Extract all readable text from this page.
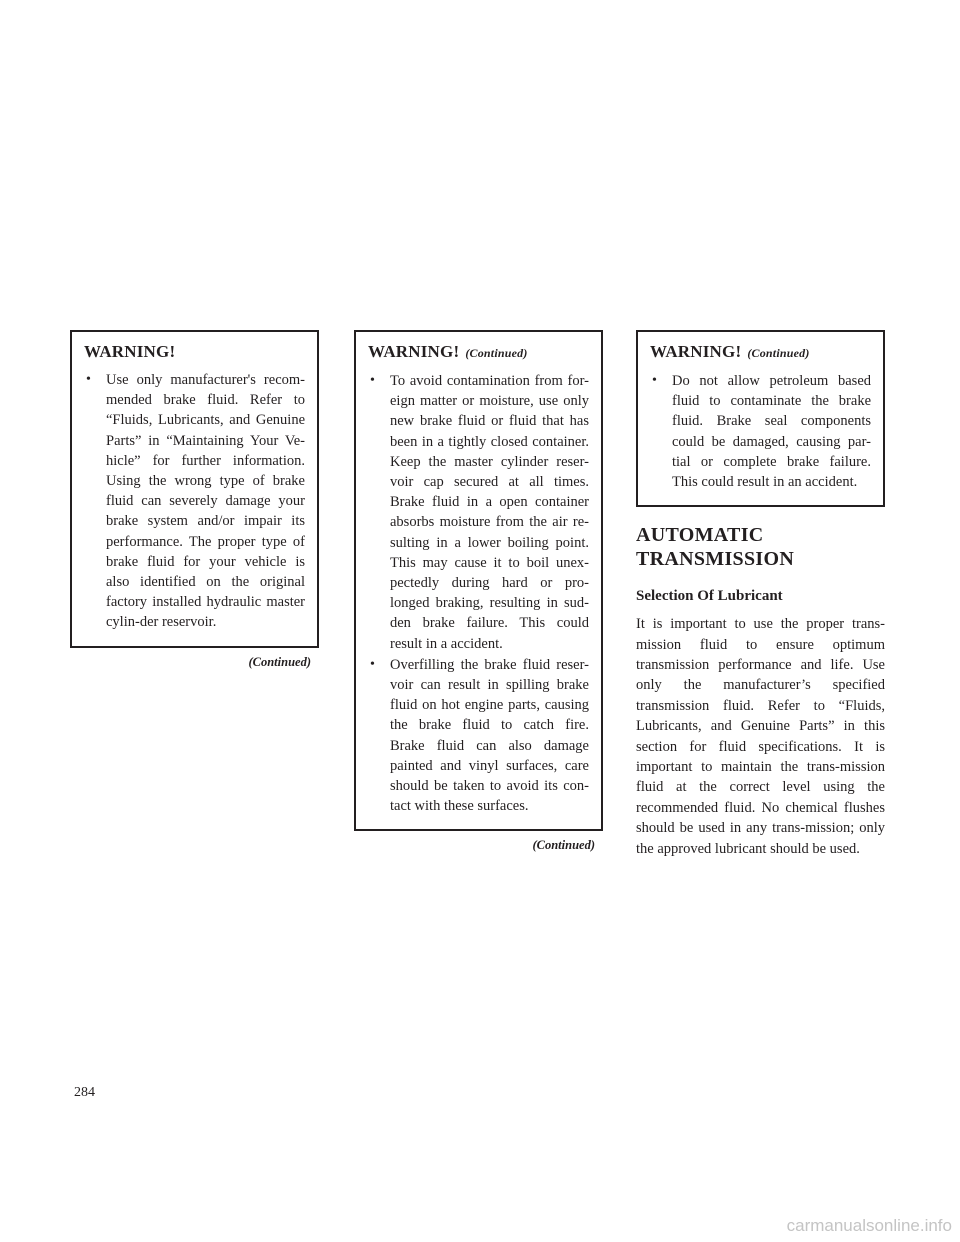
WARNING!
• Use only manufacturer's recom-mended brake fluid. Refer to “Fluids, Lubricants, and Genuine Parts” in “Maintaining Your Ve-hicle” for further information. Using the wrong type of brake fluid can severely damage your brake system and/or impair its performance. The proper type of brake fluid for your vehicle is also identified on the original factory installed hydraulic master cylin-der reservoir.
(Continued)
WARNING! (Continued)
• To avoid contamination from for-eign matter or moisture, use only new brake fluid or fluid that has been in a tightly closed container. Keep the master cylinder reser-voir cap secured at all times. Brake fluid in a open container absorbs moisture from the air re-sulting in a lower boiling point. This may cause it to boil unex-pectedly during hard or pro-longed braking, resulting in sud-den brake failure. This could result in a accident.
• Overfilling the brake fluid reser-voir can result in spilling brake fluid on hot engine parts, causing the brake fluid to catch fire. Brake fluid can also damage painted and vinyl surfaces, care should be taken to avoid its con-tact with these surfaces.
(Continued)
WARNING! (Continued)
• Do not allow petroleum based fluid to contaminate the brake fluid. Brake seal components could be damaged, causing par-tial or complete brake failure. This could result in an accident.
AUTOMATIC
TRANSMISSION
Selection Of Lubricant

It is important to use the proper trans-mission fluid to ensure optimum transmission performance and life. Use only the manufacturer’s specified transmission fluid. Refer to “Fluids, Lubricants, and Genuine Parts” in this section for fluid specifications. It is important to maintain the trans-mission fluid at the correct level using the recommended fluid. No chemical flushes should be used in any trans-mission; only the approved lubricant should be used.

284
carmanualsonline.info
